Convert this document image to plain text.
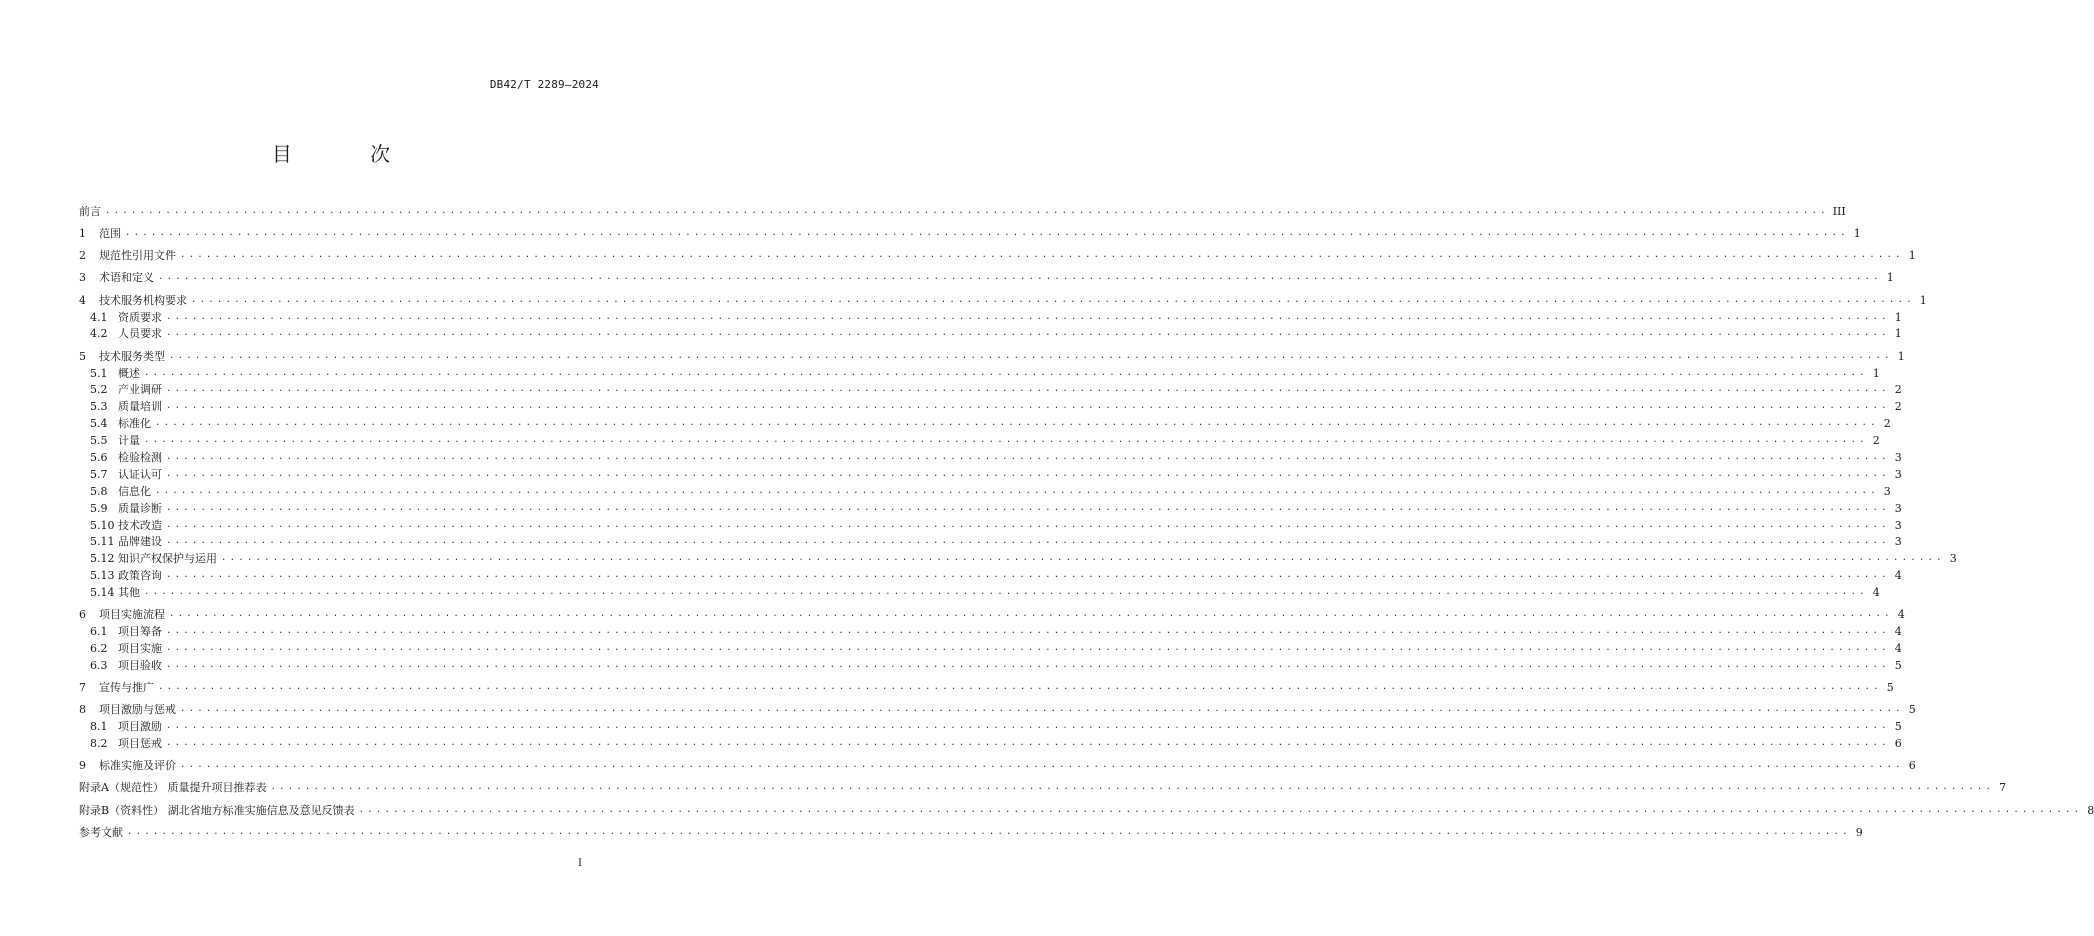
DB42/T 2289—2024
目 次
前言 ........................................................................................................................................................................................................ III
1 范围 ........................................................................................................................................................................................................ 1
2 规范性引用文件 ........................................................................................................................................................................................................ 1
3 术语和定义 ........................................................................................................................................................................................................ 1
4 技术服务机构要求 ........................................................................................................................................................................................................ 1
4.1 资质要求 ........................................................................................................................................................................................................ 1
4.2 人员要求 ........................................................................................................................................................................................................ 1
5 技术服务类型 ........................................................................................................................................................................................................ 1
5.1 概述 ........................................................................................................................................................................................................ 1
5.2 产业调研 ........................................................................................................................................................................................................ 2
5.3 质量培训 ........................................................................................................................................................................................................ 2
5.4 标准化 ........................................................................................................................................................................................................ 2
5.5 计量 ........................................................................................................................................................................................................ 2
5.6 检验检测 ........................................................................................................................................................................................................ 3
5.7 认证认可 ........................................................................................................................................................................................................ 3
5.8 信息化 ........................................................................................................................................................................................................ 3
5.9 质量诊断 ........................................................................................................................................................................................................ 3
5.10 技术改造 ........................................................................................................................................................................................................ 3
5.11 品牌建设 ........................................................................................................................................................................................................ 3
5.12 知识产权保护与运用 ........................................................................................................................................................................................................ 3
5.13 政策咨询 ........................................................................................................................................................................................................ 4
5.14 其他 ........................................................................................................................................................................................................ 4
6 项目实施流程 ........................................................................................................................................................................................................ 4
6.1 项目筹备 ........................................................................................................................................................................................................ 4
6.2 项目实施 ........................................................................................................................................................................................................ 4
6.3 项目验收 ........................................................................................................................................................................................................ 5
7 宣传与推广 ........................................................................................................................................................................................................ 5
8 项目激励与惩戒 ........................................................................................................................................................................................................ 5
8.1 项目激励 ........................................................................................................................................................................................................ 5
8.2 项目惩戒 ........................................................................................................................................................................................................ 6
9 标准实施及评价 ........................................................................................................................................................................................................ 6
附录A（规范性） 质量提升项目推荐表 ........................................................................................................................................................................................................ 7
附录B（资料性） 湖北省地方标准实施信息及意见反馈表 ........................................................................................................................................................................................................ 8
参考文献 ........................................................................................................................................................................................................ 9
I
